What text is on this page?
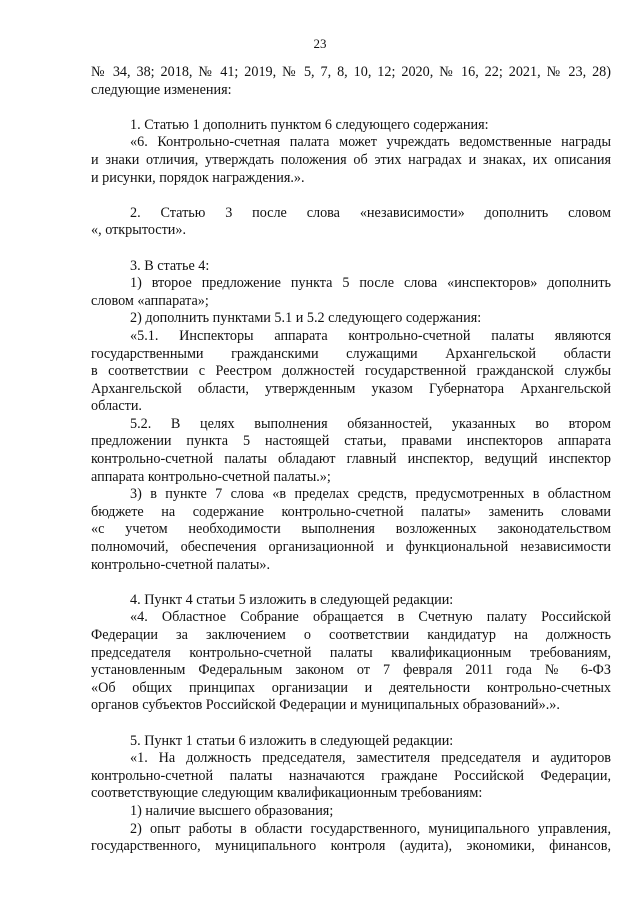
23

№ 34, 38; 2018, № 41; 2019, № 5, 7, 8, 10, 12; 2020, № 16, 22; 2021, № 23, 28)

следующие изменения:

1. Статью 1 дополнить пунктом 6 следующего содержания:

«6. Контрольно-счетная палата может учреждать ведомственные награды

и знаки отличия, утверждать положения об этих наградах и знаках, их описания

и рисунки, порядок награждения.».

2. Статью 3 после слова «независимости» дополнить словом

«, открытости».

3. В статье 4:

1) второе предложение пункта 5 после слова «инспекторов» дополнить

словом «аппарата»;

2) дополнить пунктами 5.1 и 5.2 следующего содержания:

«5.1. Инспекторы аппарата контрольно-счетной палаты являются

государственными гражданскими служащими Архангельской области

в соответствии с Реестром должностей государственной гражданской службы

Архангельской области, утвержденным указом Губернатора Архангельской

области.

5.2. В целях выполнения обязанностей, указанных во втором

предложении пункта 5 настоящей статьи, правами инспекторов аппарата

контрольно-счетной палаты обладают главный инспектор, ведущий инспектор

аппарата контрольно-счетной палаты.»;

3) в пункте 7 слова «в пределах средств, предусмотренных в областном

бюджете на содержание контрольно-счетной палаты» заменить словами

«с учетом необходимости выполнения возложенных законодательством

полномочий, обеспечения организационной и функциональной независимости

контрольно-счетной палаты».

4. Пункт 4 статьи 5 изложить в следующей редакции:

«4. Областное Собрание обращается в Счетную палату Российской

Федерации за заключением о соответствии кандидатур на должность

председателя контрольно-счетной палаты квалификационным требованиям,

установленным Федеральным законом от 7 февраля 2011 года № 6-ФЗ

«Об общих принципах организации и деятельности контрольно-счетных

органов субъектов Российской Федерации и муниципальных образований».».

5. Пункт 1 статьи 6 изложить в следующей редакции:

«1. На должность председателя, заместителя председателя и аудиторов

контрольно-счетной палаты назначаются граждане Российской Федерации,

соответствующие следующим квалификационным требованиям:

1) наличие высшего образования;

2) опыт работы в области государственного, муниципального управления,

государственного, муниципального контроля (аудита), экономики, финансов,
